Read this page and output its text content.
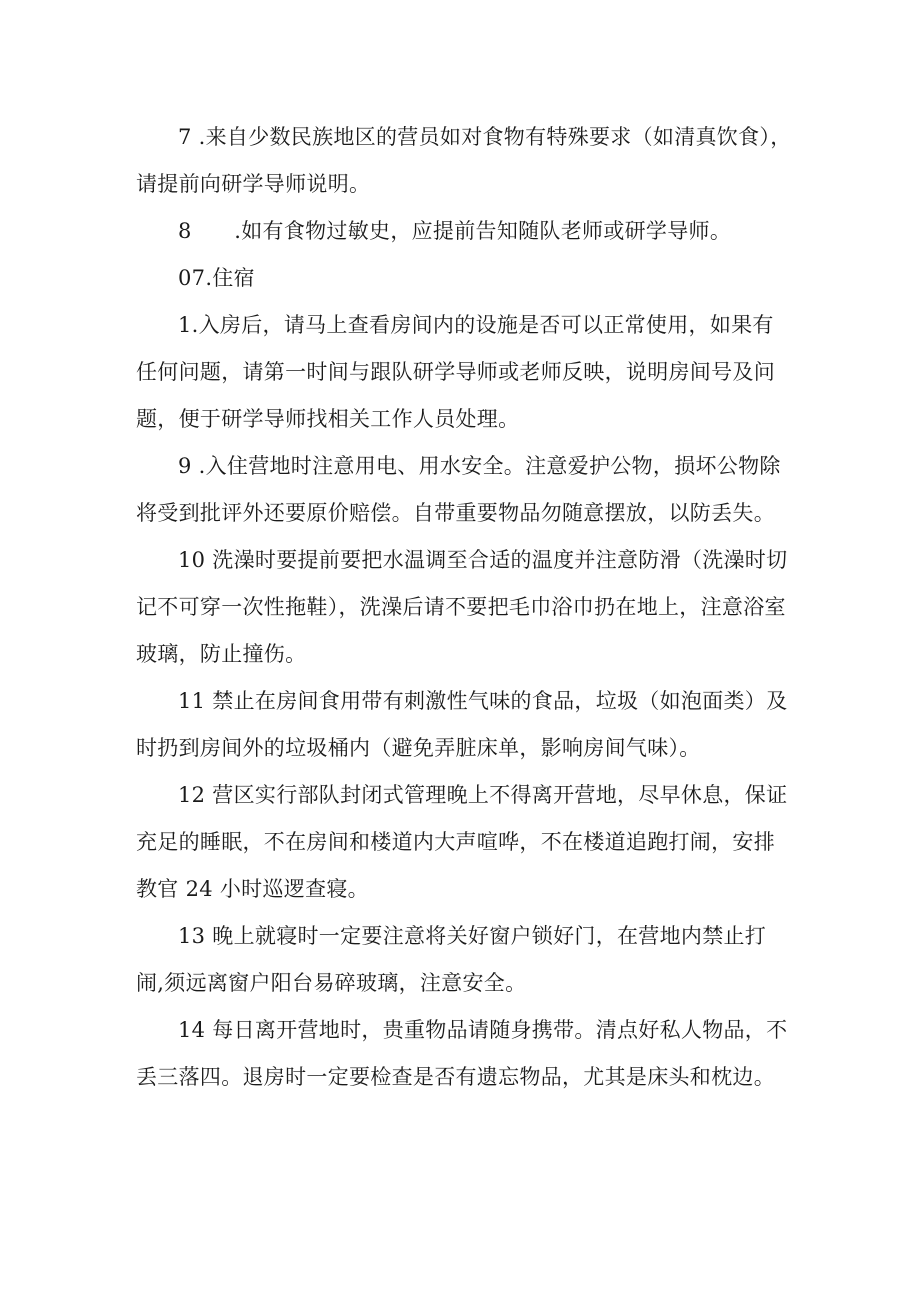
7 .来自少数民族地区的营员如对食物有特殊要求（如清真饮食），请提前向研学导师说明。

8　　.如有食物过敏史，应提前告知随队老师或研学导师。

07.住宿

1.入房后，请马上查看房间内的设施是否可以正常使用，如果有任何问题，请第一时间与跟队研学导师或老师反映，说明房间号及问题，便于研学导师找相关工作人员处理。

9 .入住营地时注意用电、用水安全。注意爱护公物，损坏公物除将受到批评外还要原价赔偿。自带重要物品勿随意摆放，以防丢失。

10 洗澡时要提前要把水温调至合适的温度并注意防滑（洗澡时切记不可穿一次性拖鞋），洗澡后请不要把毛巾浴巾扔在地上，注意浴室玻璃，防止撞伤。

11 禁止在房间食用带有刺激性气味的食品，垃圾（如泡面类）及时扔到房间外的垃圾桶内（避免弄脏床单，影响房间气味）。

12 营区实行部队封闭式管理晚上不得离开营地，尽早休息，保证充足的睡眠，不在房间和楼道内大声喧哗，不在楼道追跑打闹，安排教官 24 小时巡逻查寝。

13 晚上就寝时一定要注意将关好窗户锁好门，在营地内禁止打闹,须远离窗户阳台易碎玻璃，注意安全。

14 每日离开营地时，贵重物品请随身携带。清点好私人物品，不丢三落四。退房时一定要检查是否有遗忘物品，尤其是床头和枕边。
